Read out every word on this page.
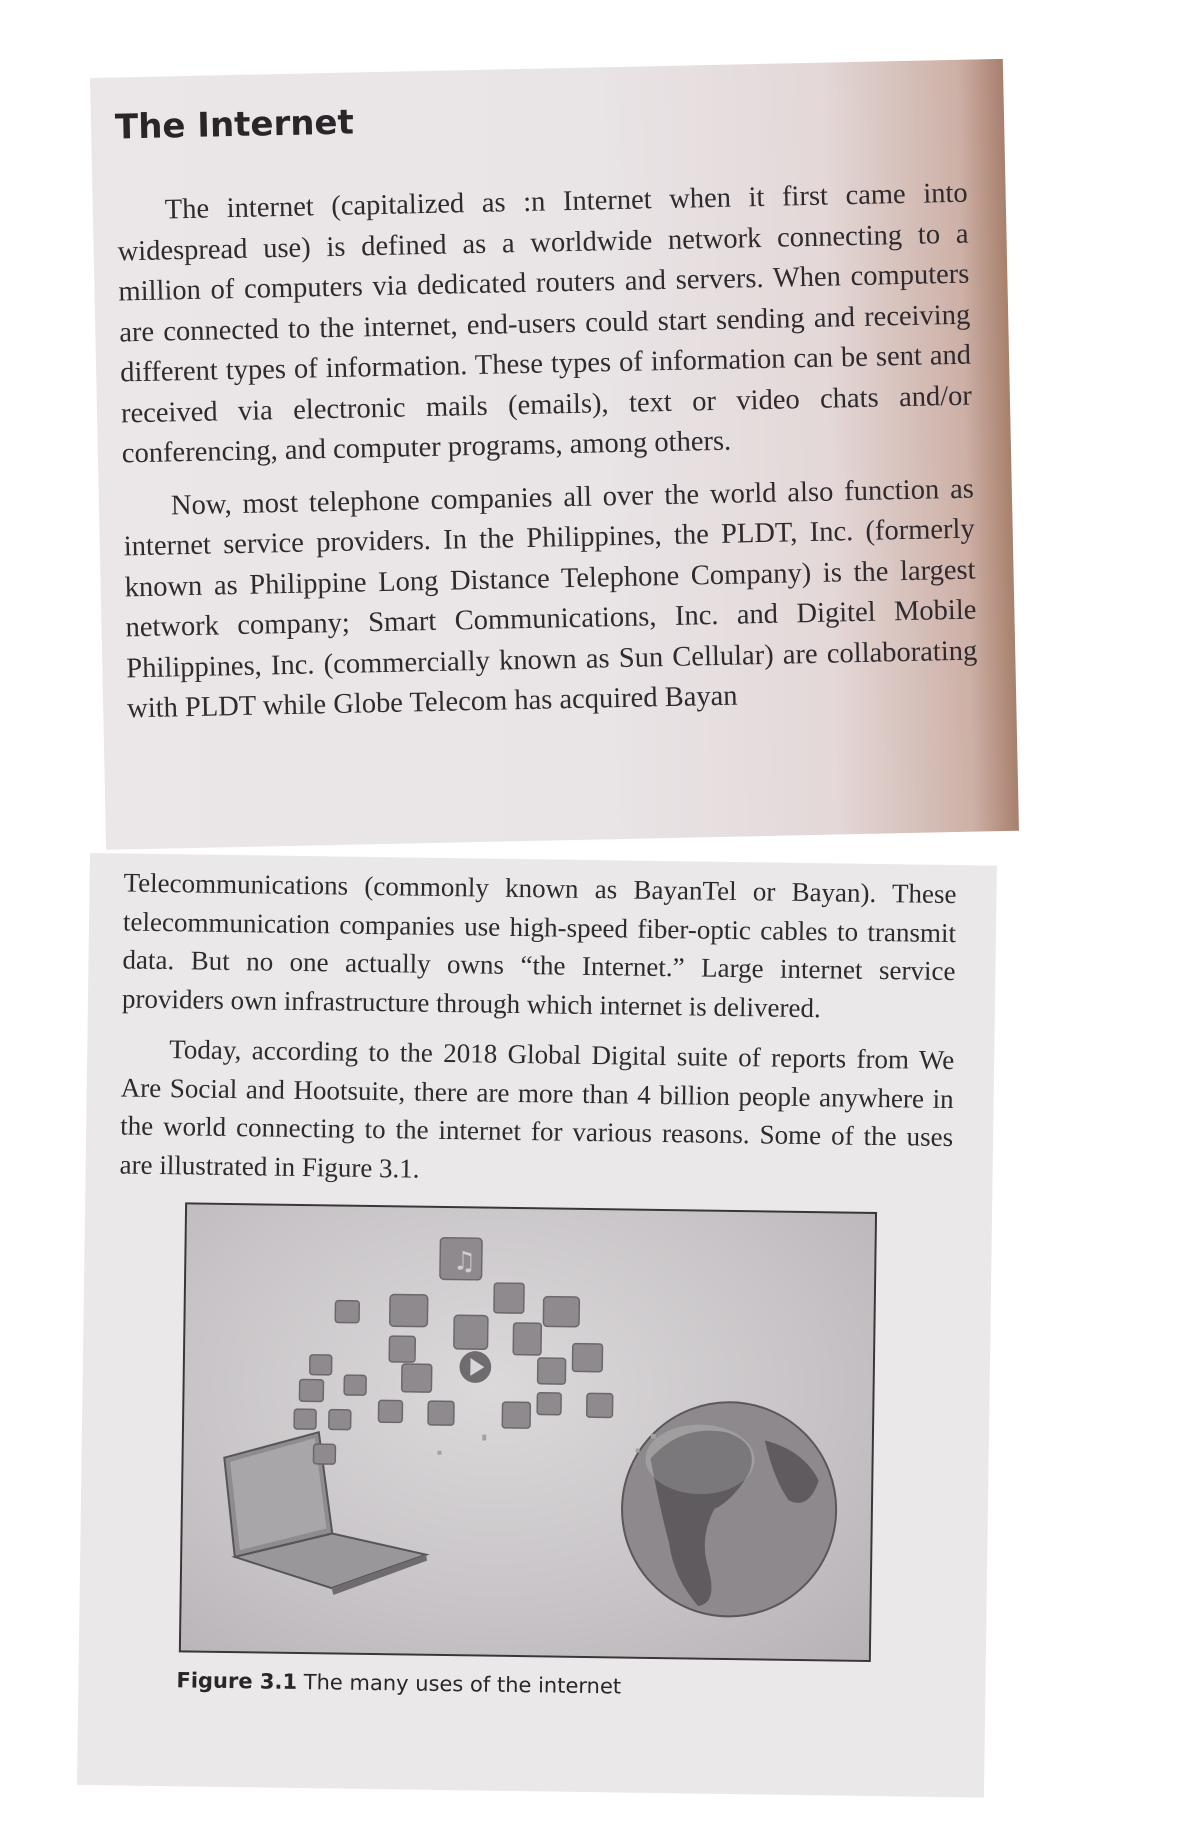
The Internet

The internet (capitalized as :n Internet when it first came into widespread use) is defined as a worldwide network connecting to a million of computers via dedicated routers and servers. When computers are connected to the internet, end-users could start sending and receiving different types of information. These types of information can be sent and received via electronic mails (emails), text or video chats and/or conferencing, and computer programs, among others.

Now, most telephone companies all over the world also function as internet service providers. In the Philippines, the PLDT, Inc. (formerly known as Philippine Long Distance Telephone Company) is the largest network company; Smart Communications, Inc. and Digitel Mobile Philippines, Inc. (commercially known as Sun Cellular) are collaborating with PLDT while Globe Telecom has acquired Bayan

Telecommunications (commonly known as BayanTel or Bayan). These telecommunication companies use high-speed fiber-optic cables to transmit data. But no one actually owns “the Internet.” Large internet service providers own infrastructure through which internet is delivered.

Today, according to the 2018 Global Digital suite of reports from We Are Social and Hootsuite, there are more than 4 billion people anywhere in the world connecting to the internet for various reasons. Some of the uses are illustrated in Figure 3.1.

♫
Figure 3.1 The many uses of the internet
